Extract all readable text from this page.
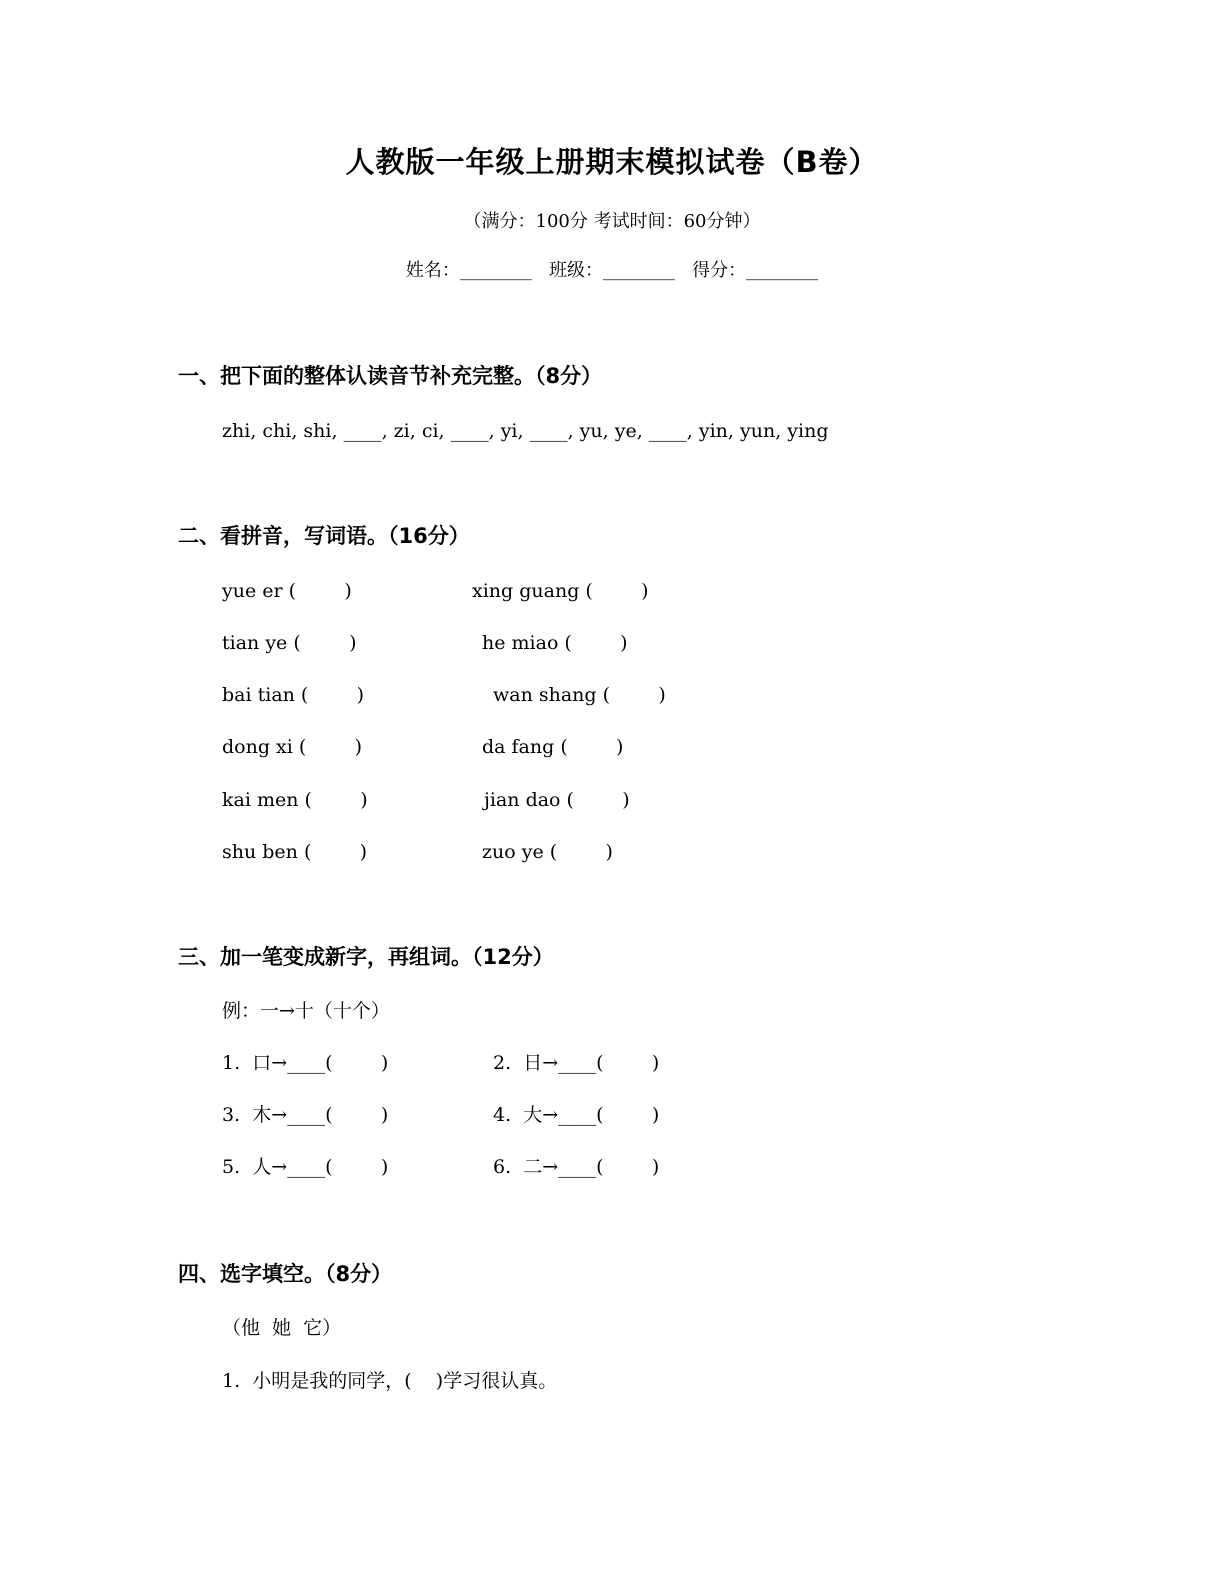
人教版一年级上册期末模拟试卷（B卷）
（满分：100分 考试时间：60分钟）
姓名：________   班级：________   得分：________
一、把下面的整体认读音节补充完整。（8分）
zhi, chi, shi, ____, zi, ci, ____, yi, ____, yu, ye, ____, yin, yun, ying
二、看拼音，写词语。（16分）
yue er (        )	xing guang (        )
tian ye (        )	he miao (        )
bai tian (        )	wan shang (        )
dong xi (        )	da fang (        )
kai men (        )	jian dao (        )
shu ben (        )	zuo ye (        )
三、加一笔变成新字，再组词。（12分）
例：一→十（十个）
1.  口→____(        )	2.  日→____(        )
3.  木→____(        )	4.  大→____(        )
5.  人→____(        )	6.  二→____(        )
四、选字填空。（8分）
（他  她  它）
1.  小明是我的同学，(    )学习很认真。
